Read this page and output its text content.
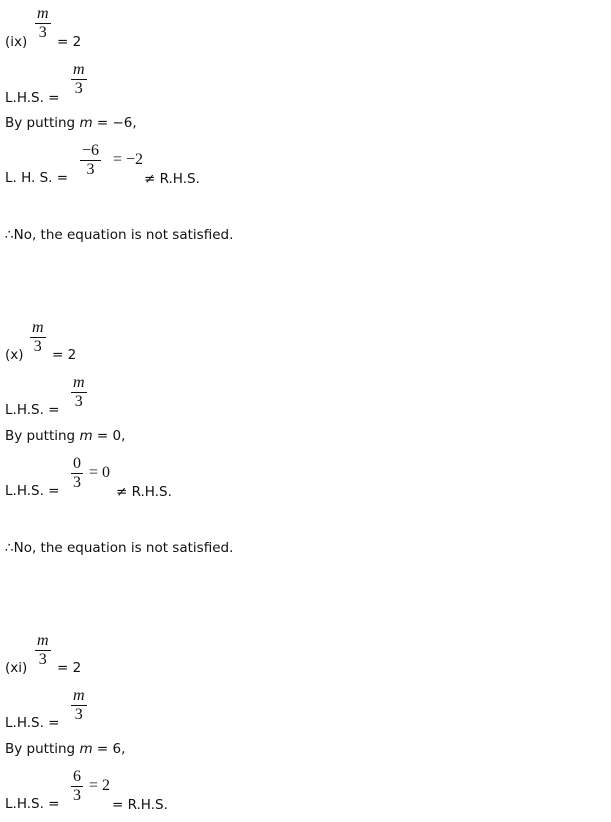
$(ix) \frac{m}{3} = 2$
L.H.S. = $\frac{m}{3}$
By putting m = −6,
L. H. S. = $\frac{-6}{3} = -2$
≠ R.H.S.
∴No, the equation is not satisfied.
$(x) \frac{m}{3} = 2$
L.H.S. = $\frac{m}{3}$
By putting m = 0,
L.H.S. = $\frac{0}{3} = 0$
≠ R.H.S.
∴No, the equation is not satisfied.
$(xi) \frac{m}{3} = 2$
L.H.S. = $\frac{m}{3}$
By putting m = 6,
L.H.S. = $\frac{6}{3} = 2$
= R.H.S.
